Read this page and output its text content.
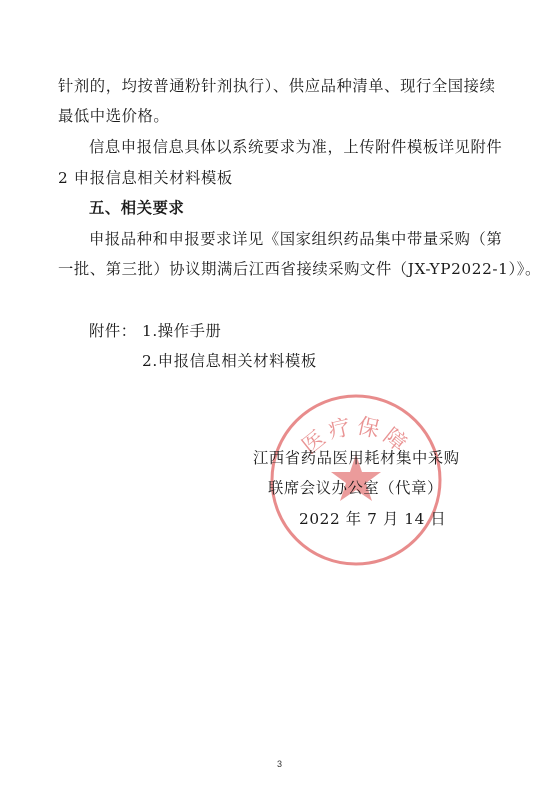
针剂的，均按普通粉针剂执行）、供应品种清单、现行全国接续
最低中选价格。
信息申报信息具体以系统要求为准，上传附件模板详见附件
2 申报信息相关材料模板
五、相关要求
申报品种和申报要求详见《国家组织药品集中带量采购（第
一批、第三批）协议期满后江西省接续采购文件（JX-YP2022-1）》。
附件： 1.操作手册
2.申报信息相关材料模板
医疗保障
江西省药品医用耗材集中采购
联席会议办公室（代章）
2022 年 7 月 14 日
3
